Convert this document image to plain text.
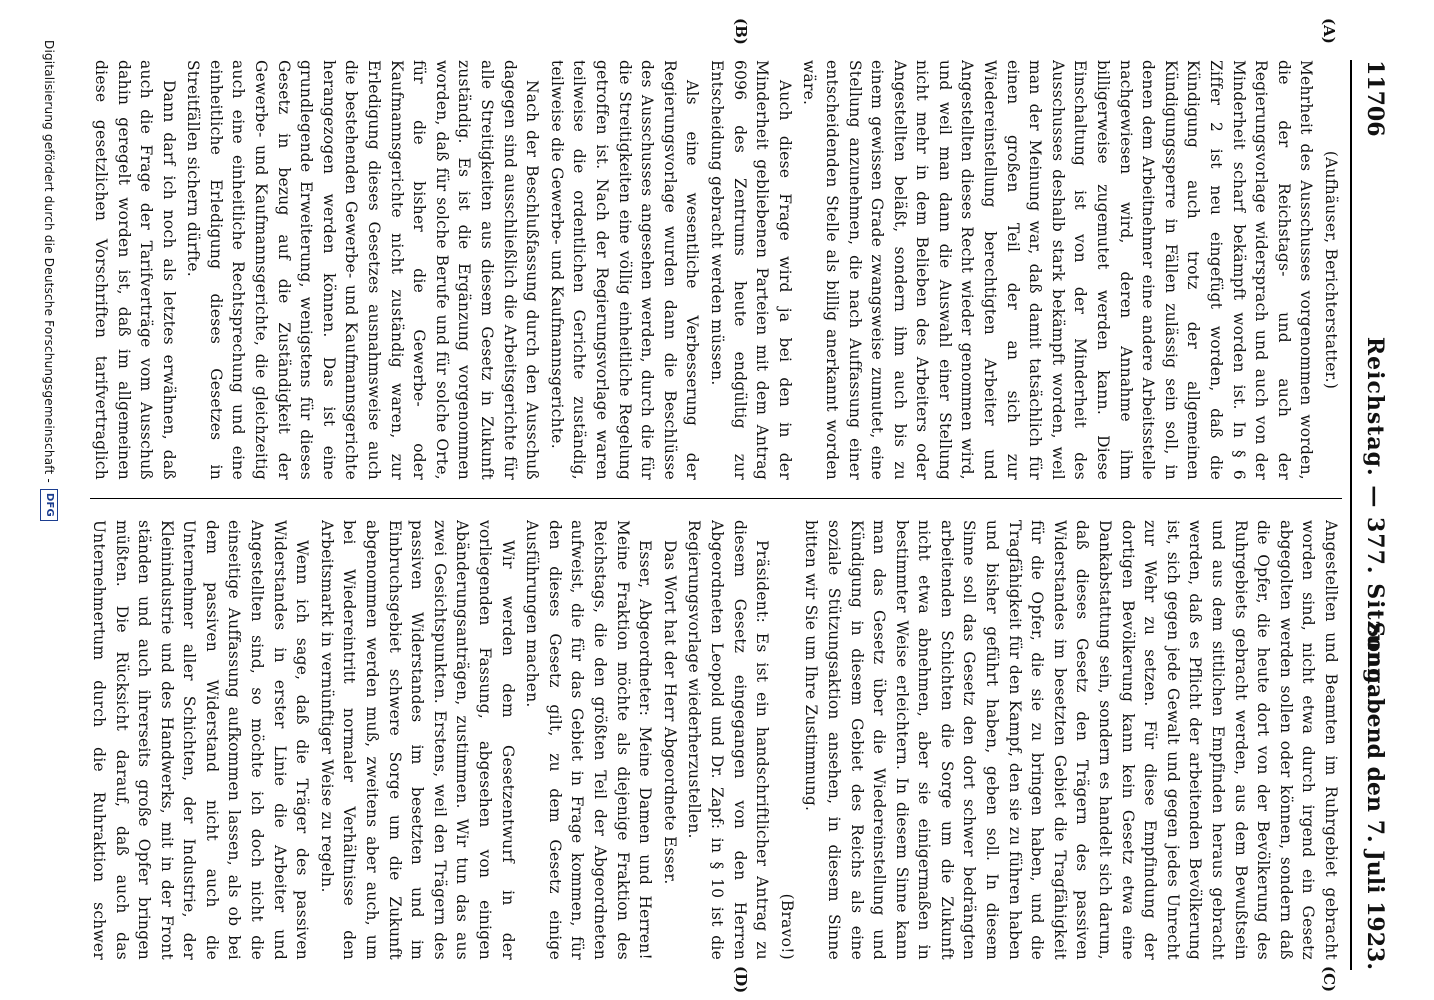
11706
Reichstag. — 377. Sitzung.
Sonnabend den 7. Juli 1923.
(A)
(B)
(C)
(D)

(Aufhäuser, Berichterstatter.)

Mehrheit des Ausschusses vorgenommen worden, die der Reichstags- und auch der Regierungsvorlage widersprach und auch von der Minderheit scharf bekämpft worden ist. In § 6 Ziffer 2 ist neu eingefügt worden, daß die Kündigung auch trotz der allgemeinen Kündigungssperre in Fällen zulässig sein soll, in denen dem Arbeitnehmer eine andere Arbeitsstelle nachgewiesen wird, deren Annahme ihm billigerweise zugemutet werden kann. Diese Einschaltung ist von der Minderheit des Ausschusses deshalb stark bekämpft worden, weil man der Meinung war, daß damit tatsächlich für einen großen Teil der an sich zur Wiedereinstellung berechtigten Arbeiter und Angestellten dieses Recht wieder genommen wird, und weil man dann die Auswahl einer Stellung nicht mehr in dem Belieben des Arbeiters oder Angestellten beläßt, sondern ihm auch bis zu einem gewissen Grade zwangsweise zumutet, eine Stellung anzunehmen, die nach Auffassung einer entscheidenden Stelle als billig anerkannt worden wäre.

Auch diese Frage wird ja bei den in der Minderheit gebliebenen Parteien mit dem Antrag 6096 des Zentrums heute endgültig zur Entscheidung gebracht werden müssen.

Als eine wesentliche Verbesserung der Regierungsvorlage wurden dann die Beschlüsse des Ausschusses angesehen werden, durch die für die Streitigkeiten eine völlig einheitliche Regelung getroffen ist. Nach der Regierungsvorlage waren teilweise die ordentlichen Gerichte zuständig, teilweise die Gewerbe- und Kaufmannsgerichte.

Nach der Beschlußfassung durch den Ausschuß dagegen sind ausschließlich die Arbeitsgerichte für alle Streitigkeiten aus diesem Gesetz in Zukunft zuständig. Es ist die Ergänzung vorgenommen worden, daß für solche Berufe und für solche Orte, für die bisher die Gewerbe- oder Kaufmannsgerichte nicht zuständig waren, zur Erledigung dieses Gesetzes ausnahmsweise auch die bestehenden Gewerbe- und Kaufmannsgerichte herangezogen werden können. Das ist eine grundlegende Erweiterung, wenigstens für dieses Gesetz in bezug auf die Zuständigkeit der Gewerbe- und Kaufmannsgerichte, die gleichzeitig auch eine einheitliche Rechtsprechung und eine einheitliche Erledigung dieses Gesetzes in Streitfällen sichern dürfte.

Dann darf ich noch als letztes erwähnen, daß auch die Frage der Tarifverträge vom Ausschuß dahin geregelt worden ist, daß im allgemeinen diese gesetzlichen Vorschriften tarifvertraglich

Angestellten und Beamten im Ruhrgebiet gebracht worden sind, nicht etwa durch irgend ein Gesetz abgegolten werden sollen oder können, sondern daß die Opfer, die heute dort von der Bevölkerung des Ruhrgebiets gebracht werden, aus dem Bewußtsein und aus dem sittlichen Empfinden heraus gebracht werden, daß es Pflicht der arbeitenden Bevölkerung ist, sich gegen jede Gewalt und gegen jedes Unrecht zur Wehr zu setzen. Für diese Empfindung der dortigen Bevölkerung kann kein Gesetz etwa eine Dankabstattung sein, sondern es handelt sich darum, daß dieses Gesetz den Trägern des passiven Widerstandes im besetzten Gebiet die Tragfähigkeit für die Opfer, die sie zu bringen haben, und die Tragfähigkeit für den Kampf, den sie zu führen haben und bisher geführt haben, geben soll. In diesem Sinne soll das Gesetz den dort schwer bedrängten arbeitenden Schichten die Sorge um die Zukunft nicht etwa abnehmen, aber sie einigermaßen in bestimmter Weise erleichtern. In diesem Sinne kann man das Gesetz über die Wiedereinstellung und Kündigung in diesem Gebiet des Reichs als eine soziale Stützungsaktion ansehen, in diesem Sinne bitten wir Sie um Ihre Zustimmung.

(Bravo!)

Präsident: Es ist ein handschriftlicher Antrag zu diesem Gesetz eingegangen von den Herren Abgeordneten Leopold und Dr. Zapf: in § 10 ist die Regierungsvorlage wiederherzustellen.

Das Wort hat der Herr Abgeordnete Esser.

Esser, Abgeordneter: Meine Damen und Herren! Meine Fraktion möchte als diejenige Fraktion des Reichstags, die den größten Teil der Abgeordneten aufweist, die für das Gebiet in Frage kommen, für den dieses Gesetz gilt, zu dem Gesetz einige Ausführungen machen.

Wir werden dem Gesetzentwurf in der vorliegenden Fassung, abgesehen von einigen Abänderungsanträgen, zustimmen. Wir tun das aus zwei Gesichtspunkten. Erstens, weil den Trägern des passiven Widerstandes im besetzten und im Einbruchsgebiet schwere Sorge um die Zukunft abgenommen werden muß, zweitens aber auch, um bei Wiedereintritt normaler Verhältnisse den Arbeitsmarkt in vernünftiger Weise zu regeln.

Wenn ich sage, daß die Träger des passiven Widerstandes in erster Linie die Arbeiter und Angestellten sind, so möchte ich doch nicht die einseitige Auffassung aufkommen lassen, als ob bei dem passiven Widerstand nicht auch die Unternehmer aller Schichten, der Industrie, der Kleinindustrie und des Handwerks, mit in der Front ständen und auch ihrerseits große Opfer bringen müßten. Die Rücksicht darauf, daß auch das Unternehmertum durch die Ruhraktion schwer

Digitalisierung gefördert durch die Deutsche Forschungsgemeinschaft -
DFG
